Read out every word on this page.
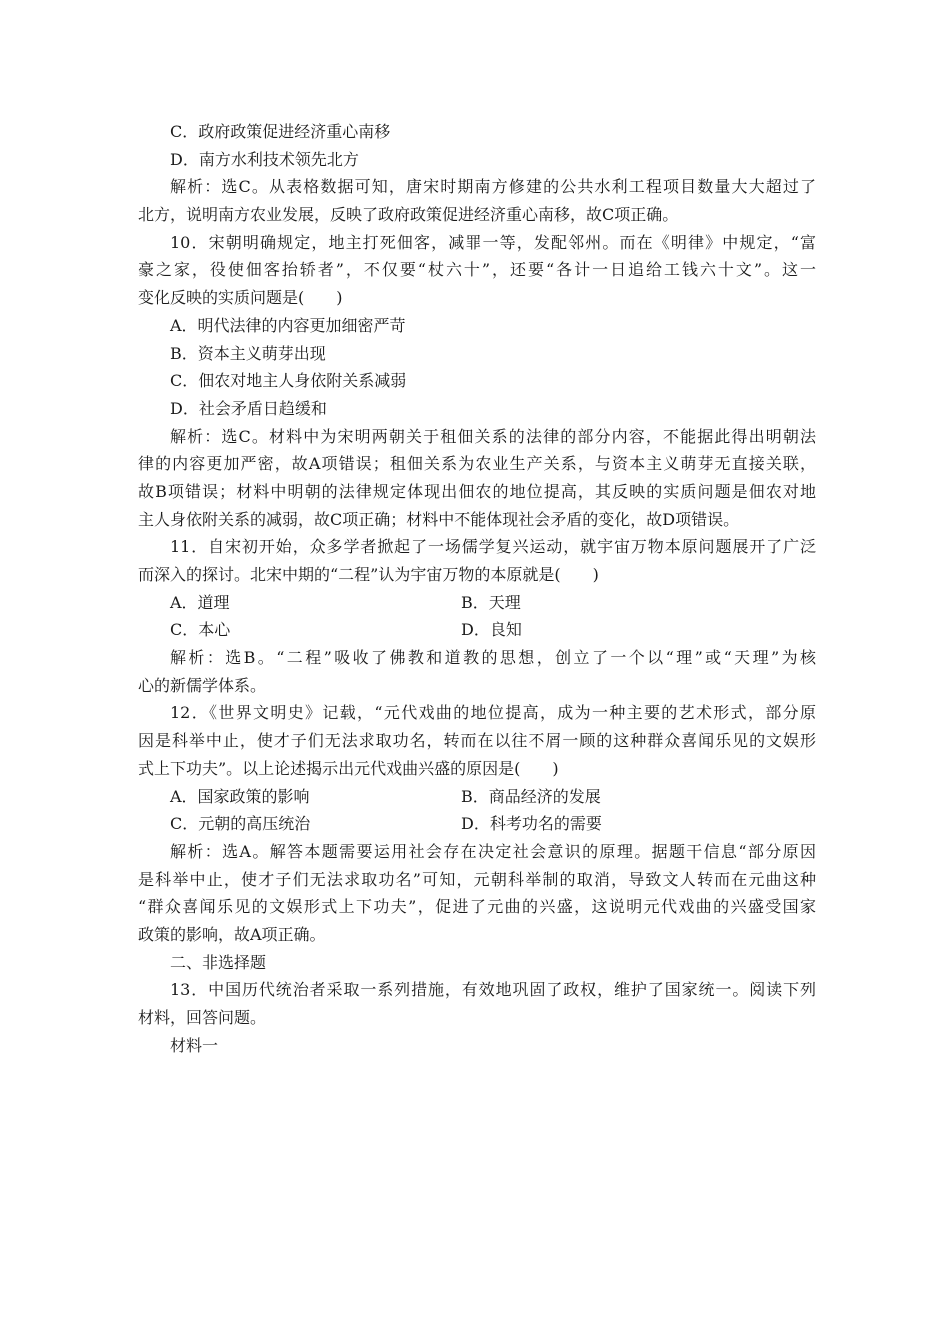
C．政府政策促进经济重心南移
D．南方水利技术领先北方
解析：选C。从表格数据可知，唐宋时期南方修建的公共水利工程项目数量大大超过了
北方，说明南方农业发展，反映了政府政策促进经济重心南移，故C项正确。
10．宋朝明确规定，地主打死佃客，减罪一等，发配邻州。而在《明律》中规定，“富
豪之家，役使佃客抬轿者”，不仅要“杖六十”，还要“各计一日追给工钱六十文”。这一
变化反映的实质问题是(　　)
A．明代法律的内容更加细密严苛
B．资本主义萌芽出现
C．佃农对地主人身依附关系减弱
D．社会矛盾日趋缓和
解析：选C。材料中为宋明两朝关于租佃关系的法律的部分内容，不能据此得出明朝法
律的内容更加严密，故A项错误；租佃关系为农业生产关系，与资本主义萌芽无直接关联，
故B项错误；材料中明朝的法律规定体现出佃农的地位提高，其反映的实质问题是佃农对地
主人身依附关系的减弱，故C项正确；材料中不能体现社会矛盾的变化，故D项错误。
11．自宋初开始，众多学者掀起了一场儒学复兴运动，就宇宙万物本原问题展开了广泛
而深入的探讨。北宋中期的“二程”认为宇宙万物的本原就是(　　)
A．道理	B．天理
C．本心	D．良知
解析：选B。“二程”吸收了佛教和道教的思想，创立了一个以“理”或“天理”为核
心的新儒学体系。
12．《世界文明史》记载，“元代戏曲的地位提高，成为一种主要的艺术形式，部分原
因是科举中止，使才子们无法求取功名，转而在以往不屑一顾的这种群众喜闻乐见的文娱形
式上下功夫”。以上论述揭示出元代戏曲兴盛的原因是(　　)
A．国家政策的影响	B．商品经济的发展
C．元朝的高压统治	D．科考功名的需要
解析：选A。解答本题需要运用社会存在决定社会意识的原理。据题干信息“部分原因
是科举中止，使才子们无法求取功名”可知，元朝科举制的取消，导致文人转而在元曲这种
“群众喜闻乐见的文娱形式上下功夫”，促进了元曲的兴盛，这说明元代戏曲的兴盛受国家
政策的影响，故A项正确。
二、非选择题
13．中国历代统治者采取一系列措施，有效地巩固了政权，维护了国家统一。阅读下列
材料，回答问题。
材料一
